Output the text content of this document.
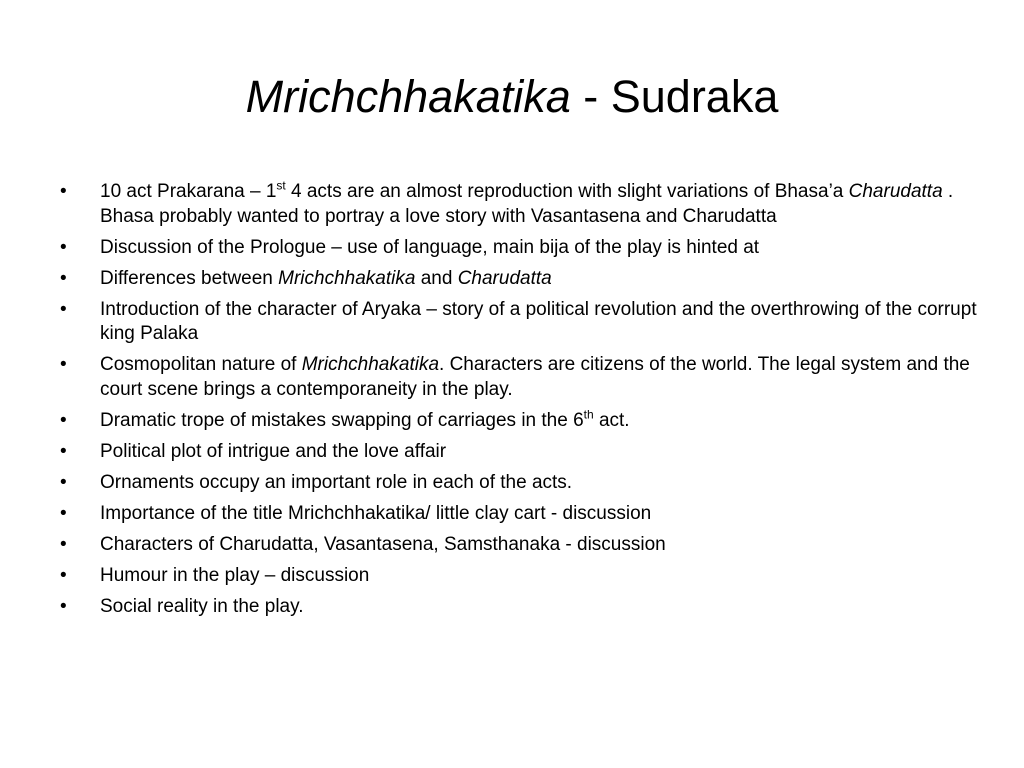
Mrichchhakatika - Sudraka
•	10 act Prakarana – 1st 4 acts are an almost reproduction with slight variations of Bhasa’a Charudatta . Bhasa probably wanted to portray a love story with Vasantasena and Charudatta
•	Discussion of the Prologue – use of language, main bija of the play is hinted at
•	Differences between Mrichchhakatika and Charudatta
•	Introduction of the character of Aryaka – story of a political revolution and the overthrowing of the corrupt king Palaka
•	Cosmopolitan nature of Mrichchhakatika. Characters are citizens of the world. The legal system and the court scene brings a contemporaneity in the play.
•	Dramatic trope of mistakes swapping of carriages in the 6th act.
•	Political plot of intrigue and the love affair
•	Ornaments occupy an important role in each of the acts.
•	Importance of the title Mrichchhakatika/ little clay cart - discussion
•	Characters of Charudatta, Vasantasena, Samsthanaka - discussion
•	Humour in the play – discussion
•	Social reality in the play.
